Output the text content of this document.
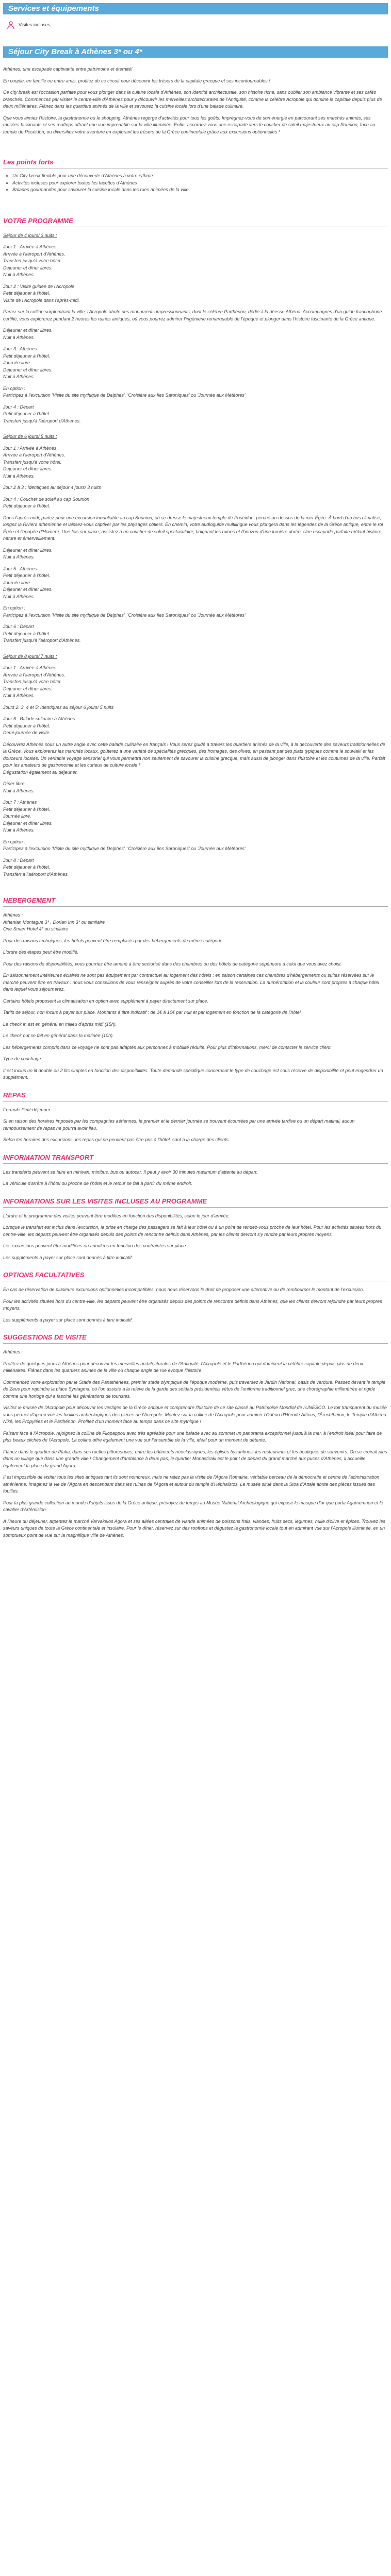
Services et équipements
Visites incluses
Séjour City Break à Athènes 3* ou 4*

Athènes, une escapade captivante entre patrimoine et éternité!

En couple, en famille ou entre amis, profitez de ce circuit pour découvrir les trésors de la capitale grecque et ses incontournables !

Ce city break est l'occasion parfaite pour vous plonger dans la culture locale d'Athènes, son identité architecturale, son histoire riche, sans oublier son ambiance vibrante et ses cafés branchés. Commencez par visiter le centre-ville d'Athènes pour y découvrir les merveilles architecturales de l'Antiquité, comme la célèbre Acropole qui domine la capitale depuis plus de deux millénaires. Flânez dans les quartiers animés de la ville et savourez la cuisine locale lors d'une balade culinaire.

Que vous aimiez l'histoire, la gastronomie ou le shopping, Athènes regorge d'activités pour tous les goûts. Imprégnez-vous de son énergie en parcourant ses marchés animés, ses musées fascinants et ses rooftops offrant une vue imprenable sur la ville illuminée. Enfin, accordez-vous une escapade vers le coucher de soleil majestueux au cap Sounion, face au temple de Poséidon, ou diversifiez votre aventure en explorant les trésors de la Grèce continentale grâce aux excursions optionnelles !

Les points forts
• Un City break flexible pour une découverte d'Athènes à votre rythme
• Activités incluses pour explorer toutes les facettes d'Athènes
• Balades gourmandes pour savourer la cuisine locale dans les rues animées de la ville
VOTRE PROGRAMME

Séjour de 4 jours/ 3 nuits :

Jour 1 : Arrivée à Athènes
Arrivée à l'aéroport d'Athènes.
Transfert jusqu'à votre hôtel.
Déjeuner et dîner libres.
Nuit à Athènes.

Jour 2 : Visite guidée de l'Acropole
Petit déjeuner à l'hôtel.
Visite de l'Acropole dans l'après-midi.

Partez sur la colline surplombant la ville, l'Acropole abrite des monuments impressionnants, dont le célèbre Parthénon, dédié à la déesse Athéna. Accompagnés d'un guide francophone certifié, vous explorerez pendant 2 heures les ruines antiques, où vous pourrez admirer l'ingénierie remarquable de l'époque et plonger dans l'histoire fascinante de la Grèce antique.

Déjeuner et dîner libres.
Nuit à Athènes.

Jour 3 : Athènes
Petit déjeuner à l'hôtel.
Journée libre.
Déjeuner et dîner libres.
Nuit à Athènes.

En option :
Participez à l'excursion 'Visite du site mythique de Delphes', 'Croisière aux îles Saroniques' ou 'Journée aux Météores'

Jour 4 : Départ
Petit déjeuner à l'hôtel.
Transfert jusqu'à l'aéroport d'Athènes.

Séjour de 6 jours/ 5 nuits :

Jour 1 : Arrivée à Athènes
Arrivée à l'aéroport d'Athènes.
Transfert jusqu'à votre hôtel.
Déjeuner et dîner libres.
Nuit à Athènes.

Jour 2 à 3 : Identiques au séjour 4 jours/ 3 nuits

Jour 4 : Coucher de soleil au cap Sounion
Petit déjeuner à l'hôtel.

Dans l'après-midi, partez pour une excursion inoubliable au cap Sounion, où se dresse le majestueux temple de Poséidon, perché au-dessus de la mer Égée. À bord d'un bus climatisé, longez la Riviera athénienne et laissez-vous captiver par les paysages côtiers. En chemin, votre audioguide multilingue vous plongera dans les légendes de la Grèce antique, entre le roi Égée et l'épopée d'Homère. Une fois sur place, assistez à un coucher de soleil spectaculaire, baignant les ruines et l'horizon d'une lumière dorée. Une escapade parfaite mêlant histoire, nature et émerveillement.

Déjeuner et dîner libres.
Nuit à Athènes.

Jour 5 : Athènes
Petit déjeuner à l'hôtel.
Journée libre.
Déjeuner et dîner libres.
Nuit à Athènes.

En option :
Participez à l'excursion 'Visite du site mythique de Delphes', 'Croisière aux îles Saroniques' ou 'Journée aux Météores'

Jour 6 : Départ
Petit déjeuner à l'hôtel.
Transfert jusqu'à l'aéroport d'Athènes.

Séjour de 8 jours/ 7 nuits :

Jour 1 : Arrivée à Athènes
Arrivée à l'aéroport d'Athènes.
Transfert jusqu'à votre hôtel.
Déjeuner et dîner libres.
Nuit à Athènes.

Jours 2, 3, 4 et 5: Identiques au séjour 6 jours/ 5 nuits

Jour 6 : Balade culinaire à Athènes
Petit déjeuner à l'hôtel.
Demi-journée de visite.

Découvrez Athènes sous un autre angle avec cette balade culinaire en français ! Vous serez guidé à travers les quartiers animés de la ville, à la découverte des saveurs traditionnelles de la Grèce. Vous explorerez les marchés locaux, goûterez à une variété de spécialités grecques, des fromages, des olives, en passant par des plats typiques comme le souvlaki et les douceurs locales. Un véritable voyage sensoriel qui vous permettra non seulement de savourer la cuisine grecque, mais aussi de plonger dans l'histoire et les coutumes de la ville. Parfait pour les amateurs de gastronomie et les curieux de culture locale !
Dégustation également au déjeuner.

Dîner libre.
Nuit à Athènes.

Jour 7 : Athènes
Petit déjeuner à l'hôtel.
Journée libre.
Déjeuner et dîner libres.
Nuit à Athènes.

En option :
Participez à l'excursion 'Visite du site mythique de Delphes', 'Croisière aux îles Saroniques' ou 'Journée aux Météores'

Jour 8 : Départ
Petit déjeuner à l'hôtel.
Transfert à l'aéroport d'Athènes.

HEBERGEMENT

Athènes :
Athenian Montague 3* , Dorian Inn 3* ou similaire
One Smart Hotel 4* ou similaire

Pour des raisons techniques, les hôtels peuvent être remplacés par des hébergements de même catégorie.

L'ordre des étapes peut être modifié.

Pour des raisons de disponibilités, vous pourriez être amené à être sectorisé dans des chambres ou des hôtels de catégorie supérieure à celui que vous avez choisi.

En saisonnement intérieures éclairés ne sont pas équipement par contractuel au logement des hôtels : en saison certaines ces chambres d'hébergements ou suites réservées sur le marché peuvent être en travaux : nous vous conseillons de vous renseigner auprès de votre conseiller lors de la réservation. La numérotation et la couleur sont propres à chaque hôtel dans lequel vous séjournerez.

Certains hôtels proposent la climatisation en option avec supplément à payer directement sur place.

Tarifs de séjour, non inclus à payer sur place. Montants à titre indicatif : de 1€ à 10€ par nuit et par logement en fonction de la catégorie de l'hôtel.

Le check in est en général en milieu d'après midi (15h).

Le check out se fait en général dans la matinée (10h).

Les hébergements compris dans ce voyage ne sont pas adaptés aux personnes à mobilité réduite. Pour plus d'informations, merci de contacter le service client.

Type de couchage :

Il est inclus un lit double ou 2 lits simples en fonction des disponibilités. Toute demande spécifique concernant le type de couchage est sous réserve de disponibilité et peut engendrer un supplément.

REPAS

Formule Petit-déjeuner.

Si en raison des horaires imposés par les compagnies aériennes, le premier et le dernier journée se trouvent écourtées par une arrivée tardive ou un départ matinal, aucun remboursement de repas ne pourra avoir lieu.

Selon les horaires des excursions, les repas qui ne peuvent pas être pris à l'hôtel, sont à la charge des clients.

INFORMATION TRANSPORT

Les transferts peuvent se faire en minivan, minibus, bus ou autocar. Il peut y avoir 30 minutes maximum d'attente au départ.

La véhicule s'arrête à l'hôtel ou proche de l'hôtel et le retour se fait à partir du même endroit.

INFORMATIONS SUR LES VISITES INCLUSES AU PROGRAMME

L'ordre et le programme des visites peuvent être modifiés en fonction des disponibilités, selon le jour d'arrivée.

Lorsque le transfert est inclus dans l'excursion, la prise en charge des passagers se fait à leur hôtel ou à un point de rendez-vous proche de leur hôtel. Pour les activités situées hors du centre-ville, les départs peuvent être organisés depuis des points de rencontre définis dans Athènes, par les clients devront s'y rendre par leurs propres moyens.

Les excursions peuvent être modifiées ou annulées en fonction des contraintes sur place.

Les suppléments à payer sur place sont donnés à titre indicatif.

OPTIONS FACULTATIVES

En cas de réservation de plusieurs excursions optionnelles incompatibles, nous nous réservons le droit de proposer une alternative ou de rembourser le montant de l'excursion.

Pour les activités situées hors du centre-ville, les départs peuvent être organisés depuis des points de rencontre définis dans Athènes, que les clients devront rejoindre par leurs propres moyens.

Les suppléments à payer sur place sont donnés à titre indicatif.

SUGGESTIONS DE VISITE

Athènes :

Profitez de quelques jours à Athènes pour découvrir les merveilles architecturales de l'Antiquité, l'Acropole et le Parthénon qui dominent la célèbre capitale depuis plus de deux millénaires. Flânez dans les quartiers animés de la ville où chaque angle de rue évoque l'histoire.

Commencez votre exploration par le Stade des Panathénées, premier stade olympique de l'époque moderne, puis traversez le Jardin National, oasis de verdure. Passez devant le temple de Zeus pour rejoindre la place Syntagma, où l'on assiste à la relève de la garde des soldats présidentiels vêtus de l'uniforme traditionnel grec, une chorégraphie millimétrée et rigide comme une horloge qui a fasciné les générations de touristes.

Visitez le musée de l'Acropole pour découvrir les vestiges de la Grèce antique et comprendre l'histoire de ce site classé au Patrimoine Mondial de l'UNESCO. Le toit transparent du musée vous permet d'apercevoir les fouilles archéologiques des pièces de l'Acropole. Montez sur la colline de l'Acropole pour admirer l'Odéon d'Hérode Atticus, l'Érechthéion, le Temple d'Athéna Niké, les Propylées et le Parthénon. Profitez d'un moment face au temps dans ce site mythique !

Faisant face à l'Acropole, rejoignez la colline de Filopappou avec très agréable pour une balade avec au sommet un panorama exceptionnel jusqu'à la mer, à l'endroit idéal pour faire de plus beaux clichés de l'Acropole. La colline offre également une vue sur l'ensemble de la ville, idéal pour un moment de détente.

Flânez dans le quartier de Plaka, dans ses ruelles pittoresques, entre les bâtiments néoclassiques, les églises byzantines, les restaurants et les boutiques de souvenirs. On se croirait plus dans un village que dans une grande ville ! Changement d'ambiance à deux pas, le quartier Monastiraki est le point de départ du grand marché aux puces d'Athènes, il accueille également la place du grand Agora.

Il est impossible de visiter tous les sites antiques tant ils sont nombreux, mais ne ratez pas la visite de l'Agora Romaine, véritable berceau de la démocratie et centre de l'administration athénienne. Imaginez la vie de l'Agora en descendant dans les ruines de l'Agora et autour du temple d'Héphaïstos. Le musée situé dans la Stoa d'Attale abrite des pièces issues des fouilles.

Pour la plus grande collection au monde d'objets issus de la Grèce antique, prévoyez du temps au Musée National Archéologique qui expose le masque d'or que porta Agamemnon et le cavalier d'Artémision.

À l'heure du déjeuner, arpentez le marché Varvakeios Agora et ses allées centrales de viande animées de poissons frais, viandes, fruits secs, légumes, huile d'olive et épices. Trouvez les saveurs uniques de toute la Grèce continentale et insulaire. Pour le dîner, réservez sur des rooftops et dégustez la gastronomie locale tout en admirant vue sur l'Acropole illuminée, en un somptueux point de vue sur la magnifique ville de Athènes.
